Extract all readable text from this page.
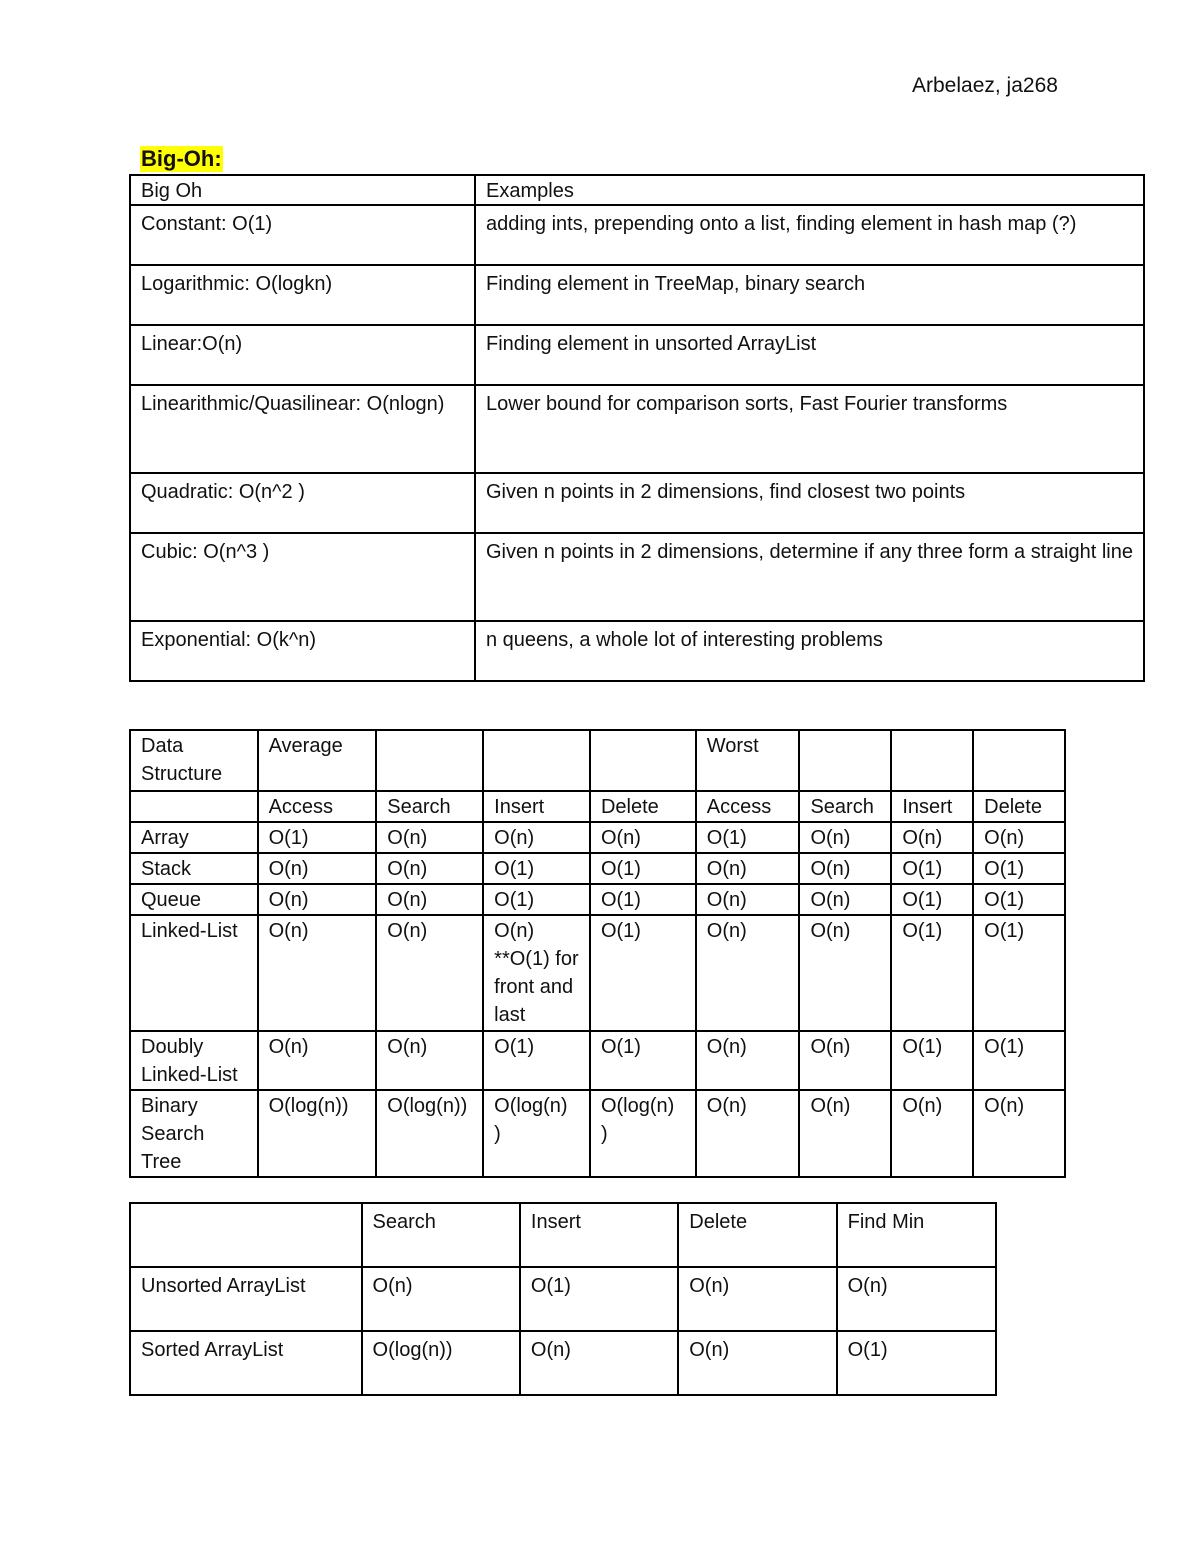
Arbelaez, ja268
Big-Oh:
Big Oh	Examples
Constant: O(1)	adding ints, prepending onto a list, finding element in hash map (?)
Logarithmic: O(logkn)	Finding element in TreeMap, binary search
Linear:O(n)	Finding element in unsorted ArrayList
Linearithmic/Quasilinear: O(nlogn)	Lower bound for comparison sorts, Fast Fourier transforms
Quadratic: O(n^2 )	Given n points in 2 dimensions, find closest two points
Cubic: O(n^3 )	Given n points in 2 dimensions, determine if any three form a straight line
Exponential: O(k^n)	n queens, a whole lot of interesting problems
Data Structure	Average				Worst			
	Access	Search	Insert	Delete	Access	Search	Insert	Delete
Array	O(1)	O(n)	O(n)	O(n)	O(1)	O(n)	O(n)	O(n)
Stack	O(n)	O(n)	O(1)	O(1)	O(n)	O(n)	O(1)	O(1)
Queue	O(n)	O(n)	O(1)	O(1)	O(n)	O(n)	O(1)	O(1)
Linked-List	O(n)	O(n)	O(n) **O(1) for front and last	O(1)	O(n)	O(n)	O(1)	O(1)
Doubly Linked-List	O(n)	O(n)	O(1)	O(1)	O(n)	O(n)	O(1)	O(1)
Binary Search Tree	O(log(n))	O(log(n))	O(log(n) )	O(log(n) )	O(n)	O(n)	O(n)	O(n)
	Search	Insert	Delete	Find Min
Unsorted ArrayList	O(n)	O(1)	O(n)	O(n)
Sorted ArrayList	O(log(n))	O(n)	O(n)	O(1)
